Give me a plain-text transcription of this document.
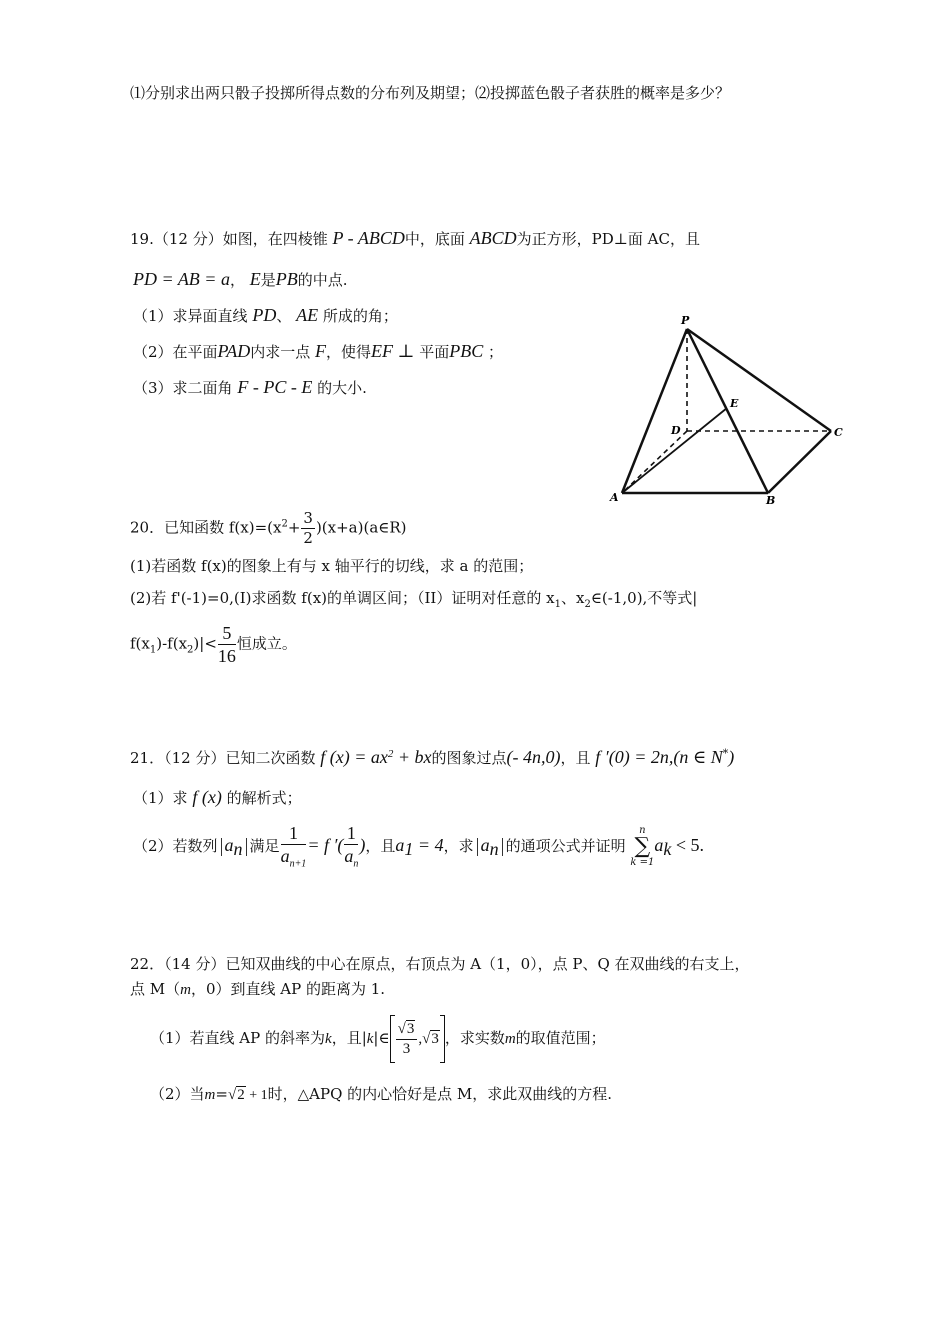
⑴分别求出两只骰子投掷所得点数的分布列及期望；⑵投掷蓝色骰子者获胜的概率是多少？
19.（12 分）如图，在四棱锥 P - ABCD中，底面 ABCD为正方形，PD⊥面 AC，且
PD = AB = a， E是PB的中点.
（1）求异面直线 PD、 AE 所成的角；
（2）在平面PAD内求一点 F，使得EF ⊥ 平面PBC ；
（3）求二面角 F - PC - E 的大小.
P
E
D	C
A	B
20．已知函数 $f(x)=(x^2+ \frac{3}{2}$ )(x+a)(a∈R)
(1)若函数 f(x)的图象上有与 x 轴平行的切线，求 a 的范围；
(2)若 f'(-1)=0,(I)求函数 f(x)的单调区间；（II）证明对任意的 $x_1$、$x_2\in(-1,0)$,不等式|
$f(x_1)-f(x_2)|< \frac{5}{16}$ 恒成立。
21．（12 分）已知二次函数 f $(x) = ax^2$ + bx的图象过点(- 4n,0)，且 f ′(0) = 2n,(n ∈ N*)
（1）求 f (x) 的解析式；
（2）若数列 $a_n$ 满足 $\frac{1}{a_{n+1}} = f$ ′( $\frac{1}{a_n}$ )，且$a_1 = 4$，求 $a_n$ 的通项公式并证明 n
∑
$k =1a_k < 5$.
22．（14 分）已知双曲线的中心在原点，右顶点为 A（1，0），点 P、Q 在双曲线的右支上，
点 M（m，0）到直线 AP 的距离为 1.
（1）若直线 AP 的斜率为k，且|k|∈ $\frac{√3}{3} ,√3$ ，求实数m的取值范围；
（2）当m=√2 + 1时，△APQ 的内心恰好是点 M，求此双曲线的方程.
